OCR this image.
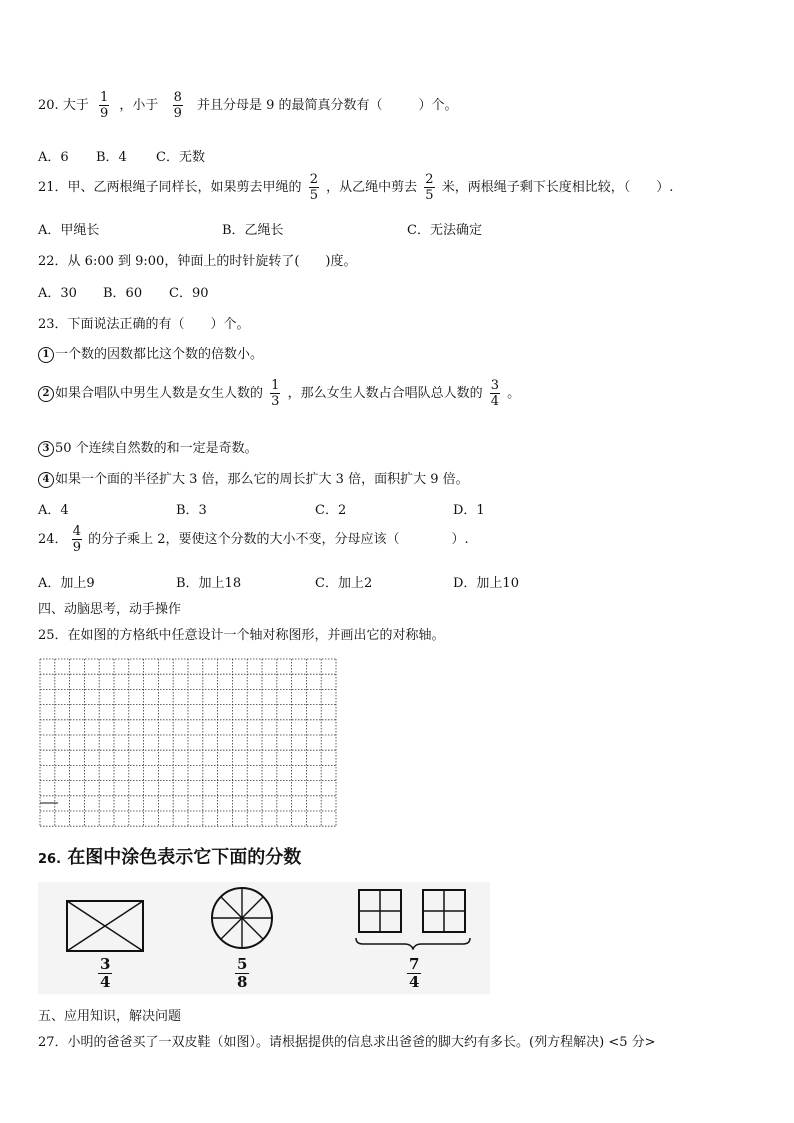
20. 大于 $\frac{1}{9}$ ，小于 $\frac{8}{9}$ 并且分母是 9 的最简真分数有（	）个。
A．6 B．4 C．无数
21．甲、乙两根绳子同样长，如果剪去甲绳的 $\frac{2}{5}$ ，从乙绳中剪去 $\frac{2}{5}$ 米，两根绳子剩下长度相比较，（　　）.
A．甲绳长	B．乙绳长	C．无法确定
22．从 6:00 到 9:00，钟面上的时针旋转了(　　)度。
A．30 B．60 C．90
23．下面说法正确的有（　　）个。
1 一个数的因数都比这个数的倍数小。
2 如果合唱队中男生人数是女生人数的 $\frac{1}{3}$ ，那么女生人数占合唱队总人数的 $\frac{3}{4}$ 。
3 50 个连续自然数的和一定是奇数。
4 如果一个面的半径扩大 3 倍，那么它的周长扩大 3 倍，面积扩大 9 倍。
A．4	B．3	C．2	D．1
24． $\frac{4}{9}$ 的分子乘上 2，要使这个分数的大小不变，分母应该（　　　　）.
A．加上9	B．加上18	C．加上2	D．加上10
四、动脑思考，动手操作
25．在如图的方格纸中任意设计一个轴对称图形，并画出它的对称轴。
26. 在图中涂色表示它下面的分数
$\frac{3}{4}$	$\frac{5}{8}$	$\frac{7}{4}$
五、应用知识，解决问题
27．小明的爸爸买了一双皮鞋（如图）。请根据提供的信息求出爸爸的脚大约有多长。(列方程解决) <5 分>
